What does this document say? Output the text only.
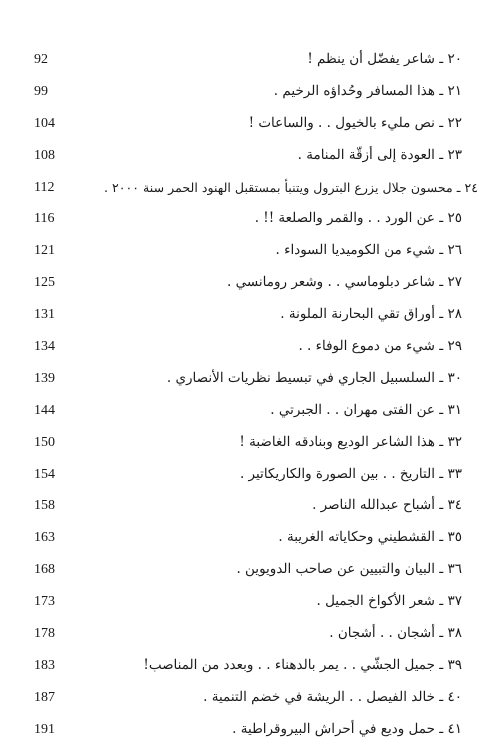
92	٢٠ ـ شاعر يفضّل أن ينظم !
99	٢١ ـ هذا المسافر وحُداؤه الرخيم .
104	٢٢ ـ نص مليء بالخيول . . والساعات !
108	٢٣ ـ العودة إلى أزقّة المنامة .
112	٢٤ ـ محسون جلال يزرع البترول ويتنبأ بمستقبل الهنود الحمر سنة ٢٠٠٠ .
116	٢٥ ـ عن الورد . . والقمر والصلعة !! .
121	٢٦ ـ شيء من الكوميديا السوداء .
125	٢٧ ـ شاعر دبلوماسي . . وشعر رومانسي .
131	٢٨ ـ أوراق تقي البحارنة الملونة .
134	٢٩ ـ شيء من دموع الوفاء . .
139	٣٠ ـ السلسبيل الجاري في تبسيط نظريات الأنصاري .
144	٣١ ـ عن الفتى مهران . . الجبرتي .
150	٣٢ ـ هذا الشاعر الوديع وبنادقه الغاضبة !
154	٣٣ ـ التاريخ . . بين الصورة والكاريكاتير .
158	٣٤ ـ أشباح عبدالله الناصر .
163	٣٥ ـ القشطيني وحكاياته الغريبة .
168	٣٦ ـ البيان والتبيين عن صاحب الدويوين .
173	٣٧ ـ شعر الأكواخ الجميل .
178	٣٨ ـ أشجان . . أشجان .
183	٣٩ ـ جميل الجشّي . . يمر بالدهناء . . وبعدد من المناصب!
187	٤٠ ـ خالد الفيصل . . الريشة في خضم التنمية .
191	٤١ ـ حمل وديع في أحراش البيروقراطية .
